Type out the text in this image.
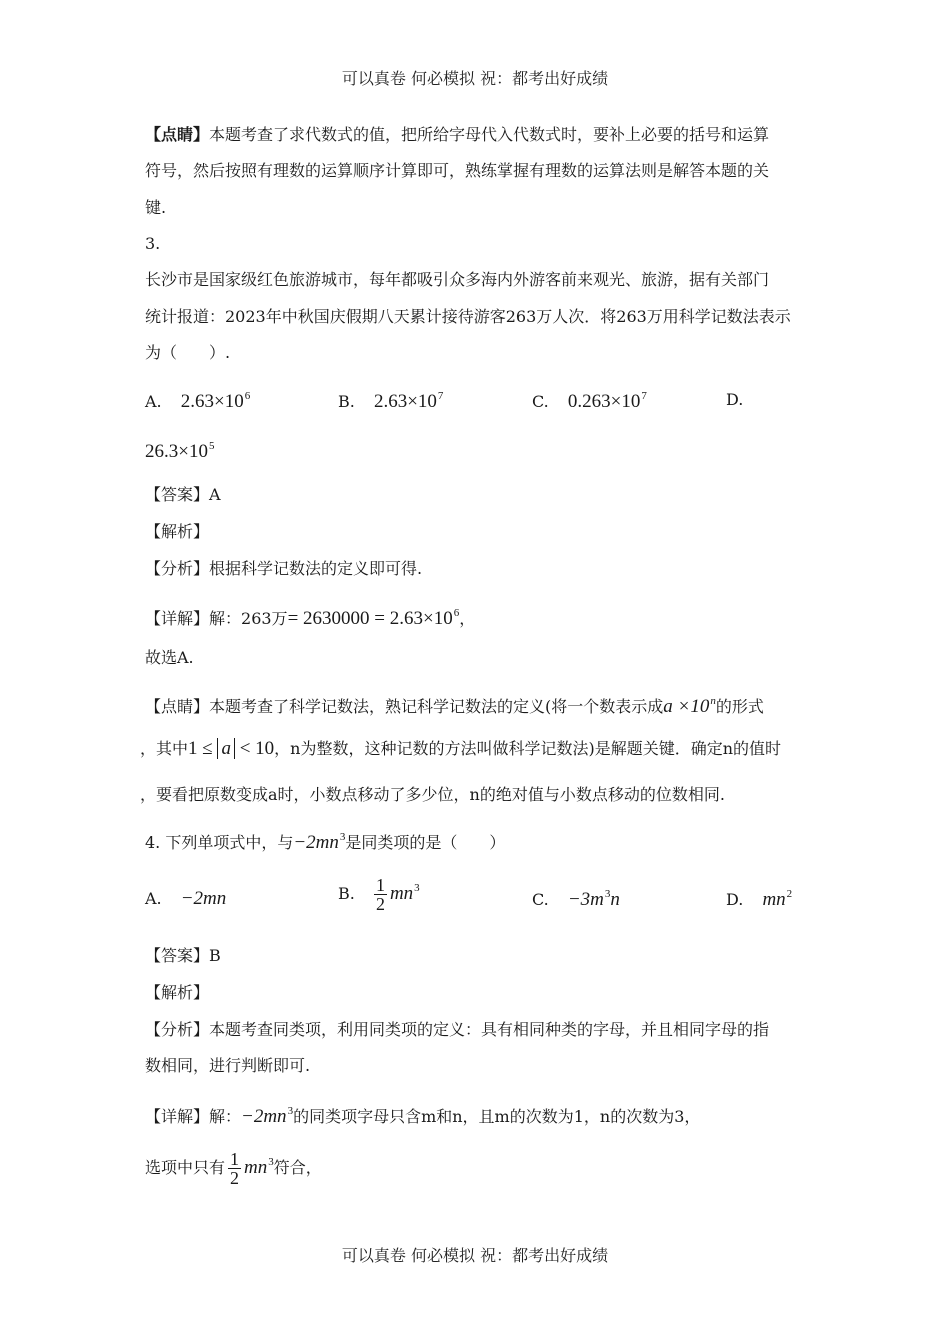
可以真卷 何必模拟 祝：都考出好成绩
【点睛】本题考查了求代数式的值，把所给字母代入代数式时，要补上必要的括号和运算
符号，然后按照有理数的运算顺序计算即可，熟练掌握有理数的运算法则是解答本题的关
键.
3.
长沙市是国家级红色旅游城市，每年都吸引众多海内外游客前来观光、旅游，据有关部门
统计报道：2023年中秋国庆假期八天累计接待游客263万人次．将263万用科学记数法表示
为（　　）.
A. $2.63\times 10^6$	B. $2.63\times 10^7$	C. $0.263\times 10^7$	D.
$26.3\times 10^5$
【答案】A
【解析】
【分析】根据科学记数法的定义即可得.
【详解】解：263万= $2630000 = 2.63\times 10^6$，
故选A.
【点睛】本题考查了科学记数法，熟记科学记数法的定义(将一个数表示成$a \times 10^n$的形式
，其中1 ≤ a < 10，n为整数，这种记数的方法叫做科学记数法)是解题关键．确定n的值时
，要看把原数变成a时，小数点移动了多少位，n的绝对值与小数点移动的位数相同.
4. 下列单项式中，与$-2mn^3$是同类项的是（　　）
A. −2mn	B. $\frac{1}{2} mn^3$
C. $-3m^3n$	D. $mn^2$
【答案】B
【解析】
【分析】本题考查同类项，利用同类项的定义：具有相同种类的字母，并且相同字母的指
数相同，进行判断即可.
【详解】解：$-2mn^3$的同类项字母只含m和n，且m的次数为1，n的次数为3，
选项中只有 $\frac{1}{2} mn^3$符合，
可以真卷 何必模拟 祝：都考出好成绩
